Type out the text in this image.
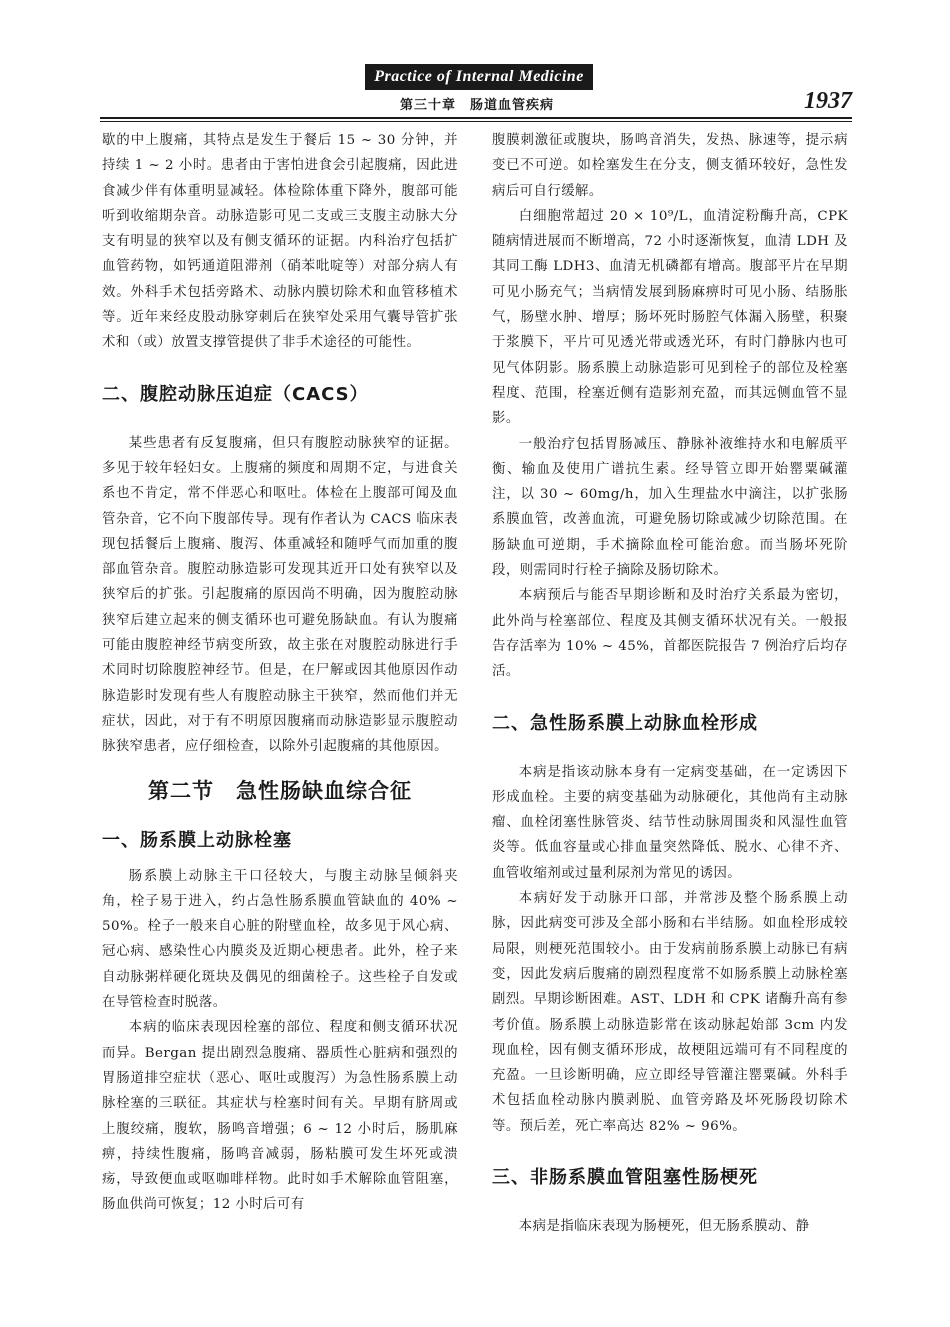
Practice of Internal Medicine
第三十章　肠道血管疾病	1937

歇的中上腹痛，其特点是发生于餐后 15 ~ 30 分钟，并持续 1 ~ 2 小时。患者由于害怕进食会引起腹痛，因此进食减少伴有体重明显减轻。体检除体重下降外，腹部可能听到收缩期杂音。动脉造影可见二支或三支腹主动脉大分支有明显的狭窄以及有侧支循环的证据。内科治疗包括扩血管药物，如钙通道阻滞剂（硝苯吡啶等）对部分病人有效。外科手术包括旁路术、动脉内膜切除术和血管移植术等。近年来经皮股动脉穿刺后在狭窄处采用气囊导管扩张术和（或）放置支撑管提供了非手术途径的可能性。

二、腹腔动脉压迫症（CACS）

某些患者有反复腹痛，但只有腹腔动脉狭窄的证据。多见于较年轻妇女。上腹痛的频度和周期不定，与进食关系也不肯定，常不伴恶心和呕吐。体检在上腹部可闻及血管杂音，它不向下腹部传导。现有作者认为 CACS 临床表现包括餐后上腹痛、腹泻、体重减轻和随呼气而加重的腹部血管杂音。腹腔动脉造影可发现其近开口处有狭窄以及狭窄后的扩张。引起腹痛的原因尚不明确，因为腹腔动脉狭窄后建立起来的侧支循环也可避免肠缺血。有认为腹痛可能由腹腔神经节病变所致，故主张在对腹腔动脉进行手术同时切除腹腔神经节。但是，在尸解或因其他原因作动脉造影时发现有些人有腹腔动脉主干狭窄，然而他们并无症状，因此，对于有不明原因腹痛而动脉造影显示腹腔动脉狭窄患者，应仔细检查，以除外引起腹痛的其他原因。

第二节　急性肠缺血综合征
一、肠系膜上动脉栓塞

肠系膜上动脉主干口径较大，与腹主动脉呈倾斜夹角，栓子易于进入，约占急性肠系膜血管缺血的 40% ~ 50%。栓子一般来自心脏的附壁血栓，故多见于风心病、冠心病、感染性心内膜炎及近期心梗患者。此外，栓子来自动脉粥样硬化斑块及偶见的细菌栓子。这些栓子自发或在导管检查时脱落。

本病的临床表现因栓塞的部位、程度和侧支循环状况而异。Bergan 提出剧烈急腹痛、器质性心脏病和强烈的胃肠道排空症状（恶心、呕吐或腹泻）为急性肠系膜上动脉栓塞的三联征。其症状与栓塞时间有关。早期有脐周或上腹绞痛，腹软，肠鸣音增强；6 ~ 12 小时后，肠肌麻痹，持续性腹痛，肠鸣音减弱，肠粘膜可发生坏死或溃疡，导致便血或呕咖啡样物。此时如手术解除血管阻塞，肠血供尚可恢复；12 小时后可有

腹膜刺激征或腹块，肠鸣音消失，发热、脉速等，提示病变已不可逆。如栓塞发生在分支，侧支循环较好，急性发病后可自行缓解。

白细胞常超过 20 × 10⁹/L，血清淀粉酶升高，CPK 随病情进展而不断增高，72 小时逐渐恢复，血清 LDH 及其同工酶 LDH3、血清无机磷都有增高。腹部平片在早期可见小肠充气；当病情发展到肠麻痹时可见小肠、结肠胀气，肠壁水肿、增厚；肠坏死时肠腔气体漏入肠壁，积聚于浆膜下，平片可见透光带或透光环，有时门静脉内也可见气体阴影。肠系膜上动脉造影可见到栓子的部位及栓塞程度、范围，栓塞近侧有造影剂充盈，而其远侧血管不显影。

一般治疗包括胃肠减压、静脉补液维持水和电解质平衡、输血及使用广谱抗生素。经导管立即开始罂粟碱灌注，以 30 ~ 60mg/h，加入生理盐水中滴注，以扩张肠系膜血管，改善血流，可避免肠切除或减少切除范围。在肠缺血可逆期，手术摘除血栓可能治愈。而当肠坏死阶段，则需同时行栓子摘除及肠切除术。

本病预后与能否早期诊断和及时治疗关系最为密切，此外尚与栓塞部位、程度及其侧支循环状况有关。一般报告存活率为 10% ~ 45%，首都医院报告 7 例治疗后均存活。

二、急性肠系膜上动脉血栓形成

本病是指该动脉本身有一定病变基础，在一定诱因下形成血栓。主要的病变基础为动脉硬化，其他尚有主动脉瘤、血栓闭塞性脉管炎、结节性动脉周围炎和风湿性血管炎等。低血容量或心排血量突然降低、脱水、心律不齐、血管收缩剂或过量利尿剂为常见的诱因。

本病好发于动脉开口部，并常涉及整个肠系膜上动脉，因此病变可涉及全部小肠和右半结肠。如血栓形成较局限，则梗死范围较小。由于发病前肠系膜上动脉已有病变，因此发病后腹痛的剧烈程度常不如肠系膜上动脉栓塞剧烈。早期诊断困难。AST、LDH 和 CPK 诸酶升高有参考价值。肠系膜上动脉造影常在该动脉起始部 3cm 内发现血栓，因有侧支循环形成，故梗阻远端可有不同程度的充盈。一旦诊断明确，应立即经导管灌注罂粟碱。外科手术包括血栓动脉内膜剥脱、血管旁路及坏死肠段切除术等。预后差，死亡率高达 82% ~ 96%。

三、非肠系膜血管阻塞性肠梗死

本病是指临床表现为肠梗死，但无肠系膜动、静
